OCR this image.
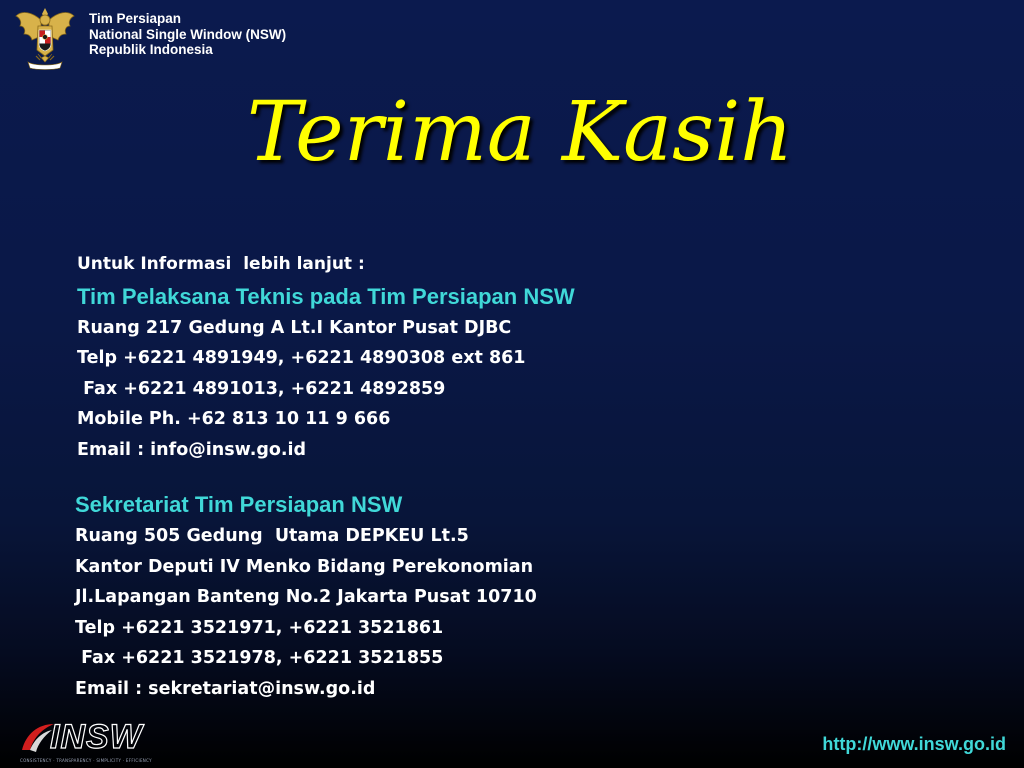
Tim Persiapan
National Single Window (NSW)
Republik Indonesia
Terima Kasih
Untuk Informasi  lebih lanjut :
Tim Pelaksana Teknis pada Tim Persiapan NSW
Ruang 217 Gedung A Lt.I Kantor Pusat DJBC
Telp +6221 4891949, +6221 4890308 ext 861
Fax +6221 4891013, +6221 4892859
Mobile Ph. +62 813 10 11 9 666
Email : info@insw.go.id
Sekretariat Tim Persiapan NSW
Ruang 505 Gedung  Utama DEPKEU Lt.5
Kantor Deputi IV Menko Bidang Perekonomian
Jl.Lapangan Banteng No.2 Jakarta Pusat 10710
Telp +6221 3521971, +6221 3521861
Fax +6221 3521978, +6221 3521855
Email : sekretariat@insw.go.id
INSW
CONSISTENCY · TRANSPARENCY · SIMPLICITY · EFFICIENCY
http://www.insw.go.id
